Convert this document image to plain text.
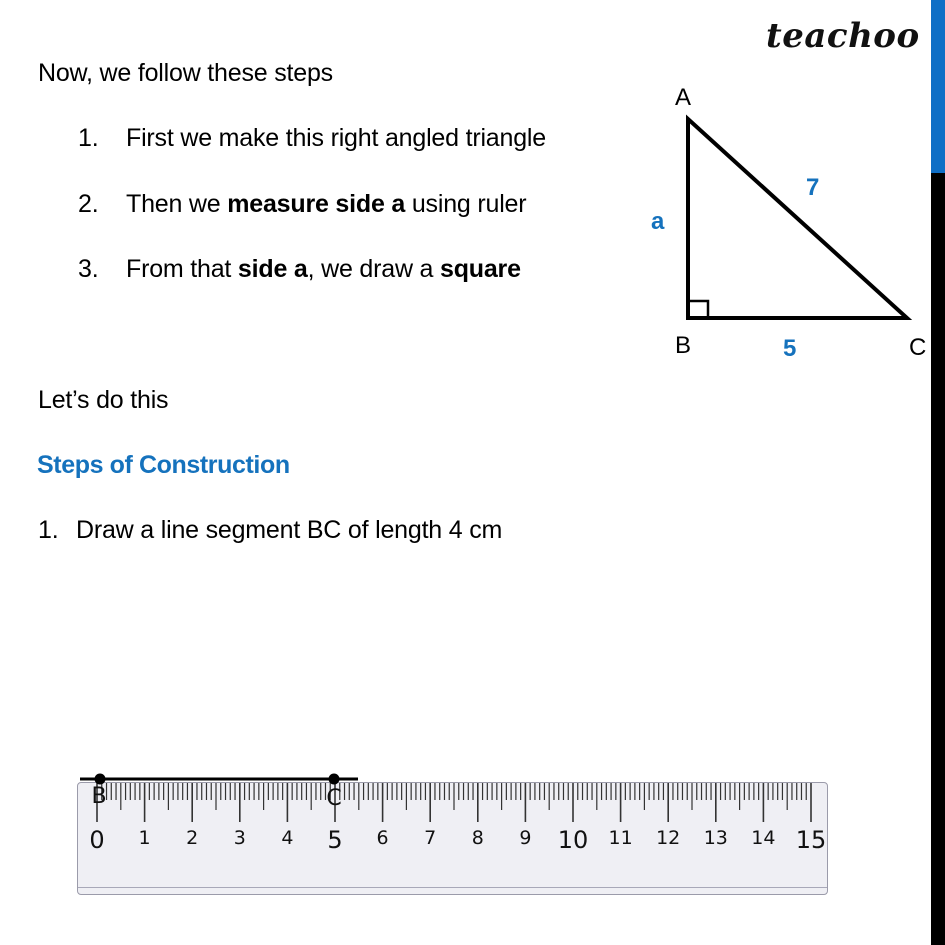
teachoo
Now, we follow these steps
1. First we make this right angled triangle
2. Then we measure side a using ruler
3. From that side a, we draw a square
Let’s do this
Steps of Construction
1. Draw a line segment BC of length 4 cm
A
B	C
a
7
5
0 1 2 3 4 5 6 7 8 9 10 11 12 13 14 15
B	C
